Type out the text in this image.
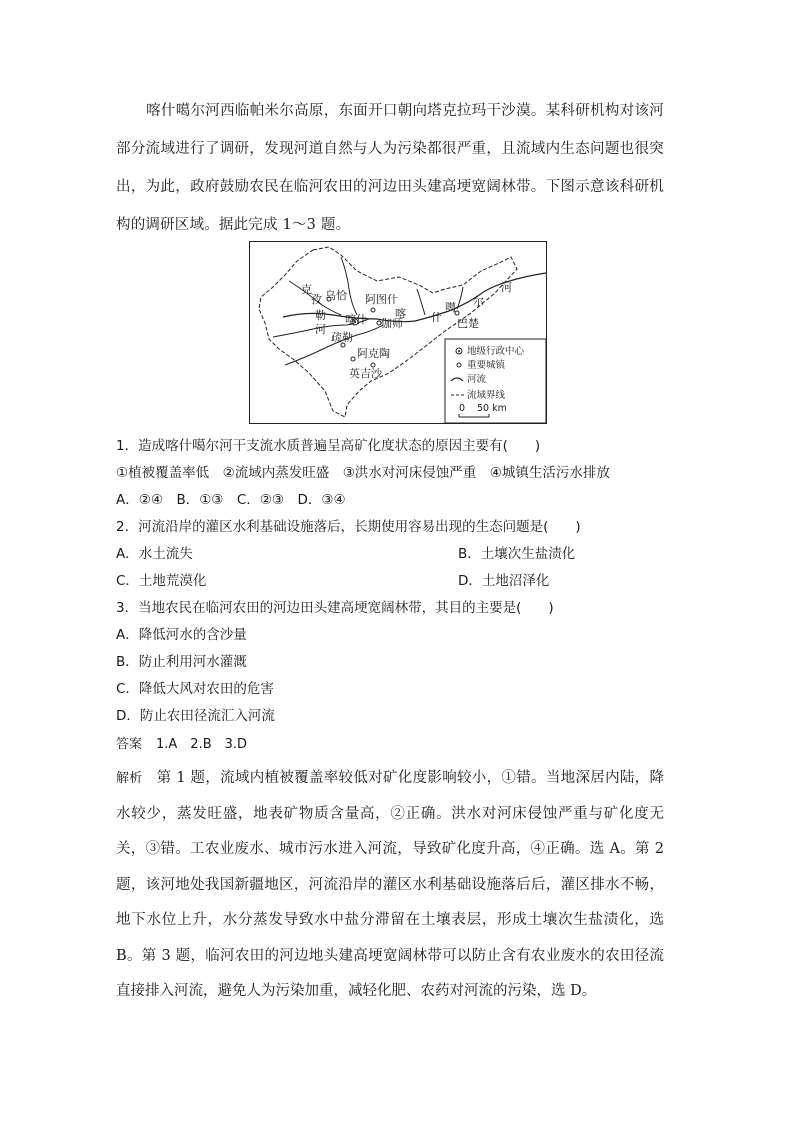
喀什噶尔河西临帕米尔高原，东面开口朝向塔克拉玛干沙漠。某科研机构对该河部分流域进行了调研，发现河道自然与人为污染都很严重，且流域内生态问题也很突出，为此，政府鼓励农民在临河农田的河边田头建高埂宽阔林带。下图示意该科研机构的调研区域。据此完成 1～3 题。

克
孜 乌恰
勒
河
阿图什
喀什	喀 什
伽师
噶 尔
河
巴楚
疏勒
阿克陶
英吉沙
地级行政中心
重要城镇
河流
流域界线
0 50 km

1．造成喀什噶尔河干支流水质普遍呈高矿化度状态的原因主要有(　　)

①植被覆盖率低　②流域内蒸发旺盛　③洪水对河床侵蚀严重　④城镇生活污水排放

A．②④　B．①③　C．②③　D．③④

2．河流沿岸的灌区水利基础设施落后，长期使用容易出现的生态问题是(　　)

A．水土流失	B．土壤次生盐渍化

C．土地荒漠化	D．土地沼泽化

3．当地农民在临河农田的河边田头建高埂宽阔林带，其目的主要是(　　)

A．降低河水的含沙量

B．防止利用河水灌溉

C．降低大风对农田的危害

D．防止农田径流汇入河流

答案 1.A　2.B　3.D

解析 第 1 题，流域内植被覆盖率较低对矿化度影响较小，①错。当地深居内陆，降水较少，蒸发旺盛，地表矿物质含量高，②正确。洪水对河床侵蚀严重与矿化度无关，③错。工农业废水、城市污水进入河流，导致矿化度升高，④正确。选 A。第 2 题，该河地处我国新疆地区，河流沿岸的灌区水利基础设施落后后，灌区排水不畅，地下水位上升，水分蒸发导致水中盐分滞留在土壤表层，形成土壤次生盐渍化，选 B。第 3 题，临河农田的河边地头建高埂宽阔林带可以防止含有农业废水的农田径流直接排入河流，避免人为污染加重，减轻化肥、农药对河流的污染，选 D。
